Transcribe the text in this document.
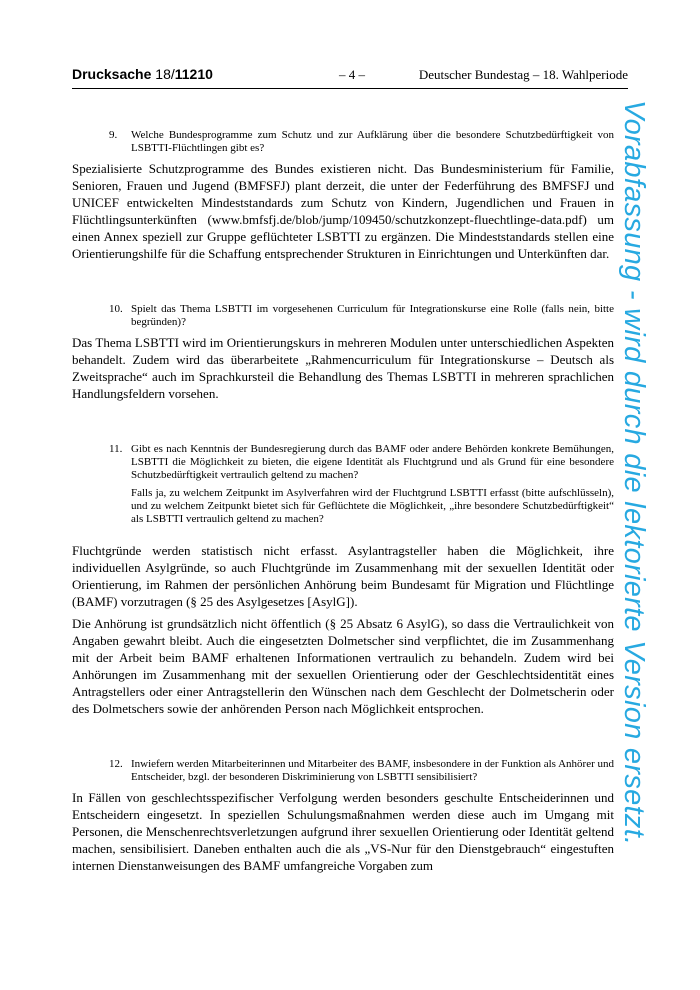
Drucksache 18/11210	– 4 –	Deutscher Bundestag – 18. Wahlperiode

9. Welche Bundesprogramme zum Schutz und zur Aufklärung über die besondere Schutzbedürftigkeit von LSBTTI-Flüchtlingen gibt es?

Spezialisierte Schutzprogramme des Bundes existieren nicht. Das Bundesministerium für Familie, Senioren, Frauen und Jugend (BMFSFJ) plant derzeit, die unter der Federführung des BMFSFJ und UNICEF entwickelten Mindeststandards zum Schutz von Kindern, Jugendlichen und Frauen in Flüchtlingsunterkünften (www.bmfsfj.de/blob/jump/109450/schutzkonzept-fluechtlinge-data.pdf) um einen Annex speziell zur Gruppe geflüchteter LSBTTI zu ergänzen. Die Mindeststandards stellen eine Orientierungshilfe für die Schaffung entsprechender Strukturen in Einrichtungen und Unterkünften dar.

10. Spielt das Thema LSBTTI im vorgesehenen Curriculum für Integrationskurse eine Rolle (falls nein, bitte begründen)?

Das Thema LSBTTI wird im Orientierungskurs in mehreren Modulen unter unterschiedlichen Aspekten behandelt. Zudem wird das überarbeitete „Rahmencurriculum für Integrationskurse – Deutsch als Zweitsprache“ auch im Sprachkursteil die Behandlung des Themas LSBTTI in mehreren sprachlichen Handlungsfeldern vorsehen.

11. Gibt es nach Kenntnis der Bundesregierung durch das BAMF oder andere Behörden konkrete Bemühungen, LSBTTI die Möglichkeit zu bieten, die eigene Identität als Fluchtgrund und als Grund für eine besondere Schutzbedürftigkeit vertraulich geltend zu machen?

Falls ja, zu welchem Zeitpunkt im Asylverfahren wird der Fluchtgrund LSBTTI erfasst (bitte aufschlüsseln), und zu welchem Zeitpunkt bietet sich für Geflüchtete die Möglichkeit, „ihre besondere Schutzbedürftigkeit“ als LSBTTI vertraulich geltend zu machen?

Fluchtgründe werden statistisch nicht erfasst. Asylantragsteller haben die Möglichkeit, ihre individuellen Asylgründe, so auch Fluchtgründe im Zusammenhang mit der sexuellen Identität oder Orientierung, im Rahmen der persönlichen Anhörung beim Bundesamt für Migration und Flüchtlinge (BAMF) vorzutragen (§ 25 des Asylgesetzes [AsylG]).

Die Anhörung ist grundsätzlich nicht öffentlich (§ 25 Absatz 6 AsylG), so dass die Vertraulichkeit von Angaben gewahrt bleibt. Auch die eingesetzten Dolmetscher sind verpflichtet, die im Zusammenhang mit der Arbeit beim BAMF erhaltenen Informationen vertraulich zu behandeln. Zudem wird bei Anhörungen im Zusammenhang mit der sexuellen Orientierung oder der Geschlechtsidentität eines Antragstellers oder einer Antragstellerin den Wünschen nach dem Geschlecht der Dolmetscherin oder des Dolmetschers sowie der anhörenden Person nach Möglichkeit entsprochen.

12. Inwiefern werden Mitarbeiterinnen und Mitarbeiter des BAMF, insbesondere in der Funktion als Anhörer und Entscheider, bzgl. der besonderen Diskriminierung von LSBTTI sensibilisiert?

In Fällen von geschlechtsspezifischer Verfolgung werden besonders geschulte Entscheiderinnen und Entscheidern eingesetzt. In speziellen Schulungsmaßnahmen werden diese auch im Umgang mit Personen, die Menschenrechtsverletzungen aufgrund ihrer sexuellen Orientierung oder Identität geltend machen, sensibilisiert. Daneben enthalten auch die als „VS-Nur für den Dienstgebrauch“ eingestuften internen Dienstanweisungen des BAMF umfangreiche Vorgaben zum

Vorabfassung - wird durch die lektorierte Version ersetzt.
